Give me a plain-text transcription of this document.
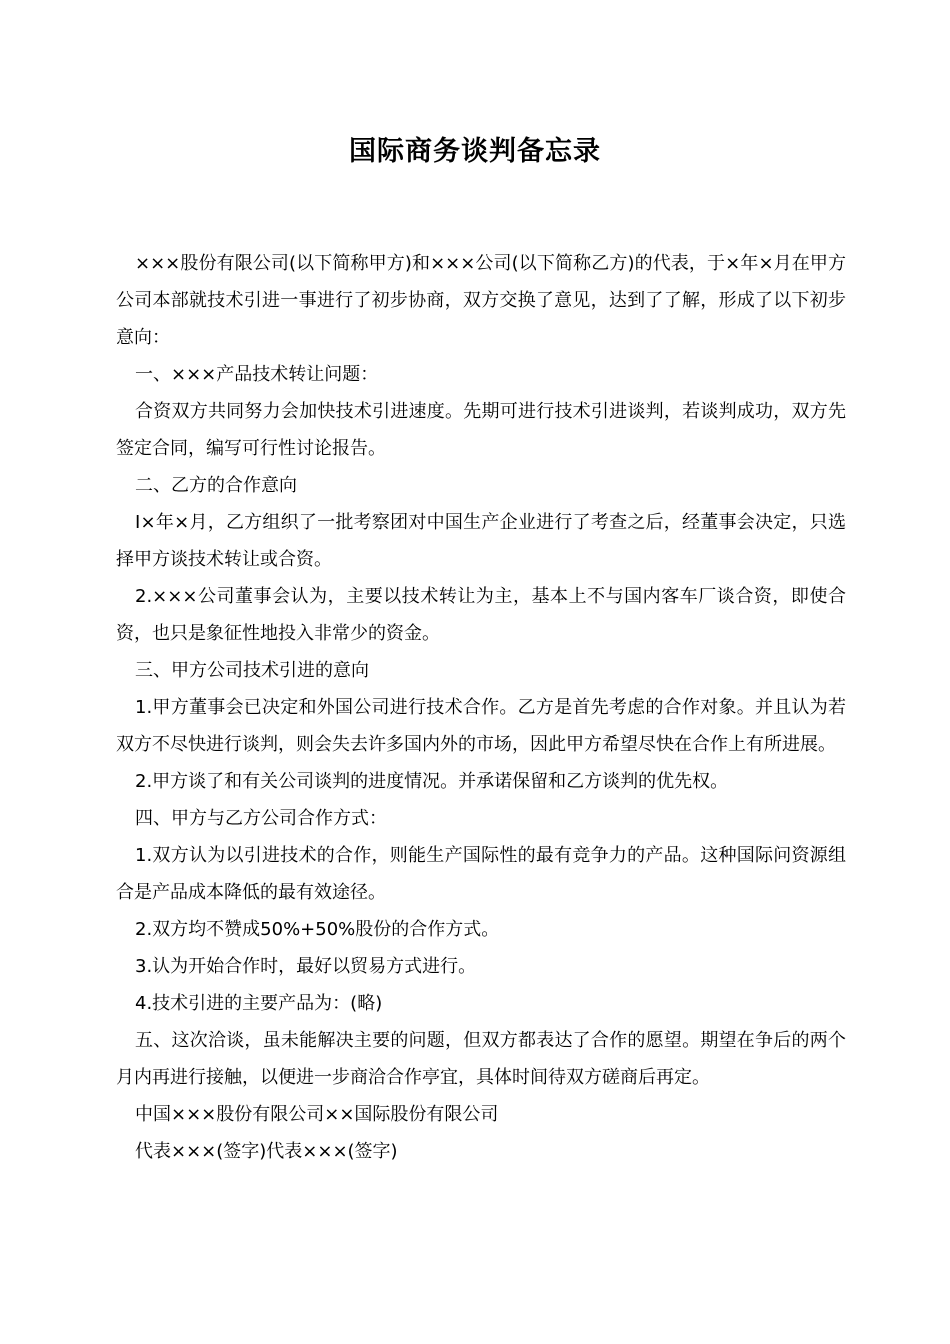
国际商务谈判备忘录

×××股份有限公司(以下简称甲方)和×××公司(以下简称乙方)的代表，于×年×月在甲方公司本部就技术引进一事进行了初步协商，双方交换了意见，达到了了解，形成了以下初步意向：

一、×××产品技术转让问题：

合资双方共同努力会加快技术引进速度。先期可进行技术引进谈判，若谈判成功，双方先签定合同，编写可行性讨论报告。

二、乙方的合作意向

Ⅰ×年×月，乙方组织了一批考察团对中国生产企业进行了考查之后，经董事会决定，只选择甲方谈技术转让或合资。

2.×××公司董事会认为，主要以技术转让为主，基本上不与国内客车厂谈合资，即使合资，也只是象征性地投入非常少的资金。

三、甲方公司技术引进的意向

1.甲方董事会已决定和外国公司进行技术合作。乙方是首先考虑的合作对象。并且认为若双方不尽快进行谈判，则会失去许多国内外的市场，因此甲方希望尽快在合作上有所进展。

2.甲方谈了和有关公司谈判的进度情况。并承诺保留和乙方谈判的优先权。

四、甲方与乙方公司合作方式：

1.双方认为以引进技术的合作，则能生产国际性的最有竞争力的产品。这种国际问资源组合是产品成本降低的最有效途径。

2.双方均不赞成50%+50%股份的合作方式。

3.认为开始合作时，最好以贸易方式进行。

4.技术引进的主要产品为：(略)

五、这次洽谈，虽未能解决主要的问题，但双方都表达了合作的愿望。期望在争后的两个月内再进行接触，以便进一步商洽合作亭宜，具体时间待双方磋商后再定。

中国×××股份有限公司××国际股份有限公司

代表×××(签字)代表×××(签字)
